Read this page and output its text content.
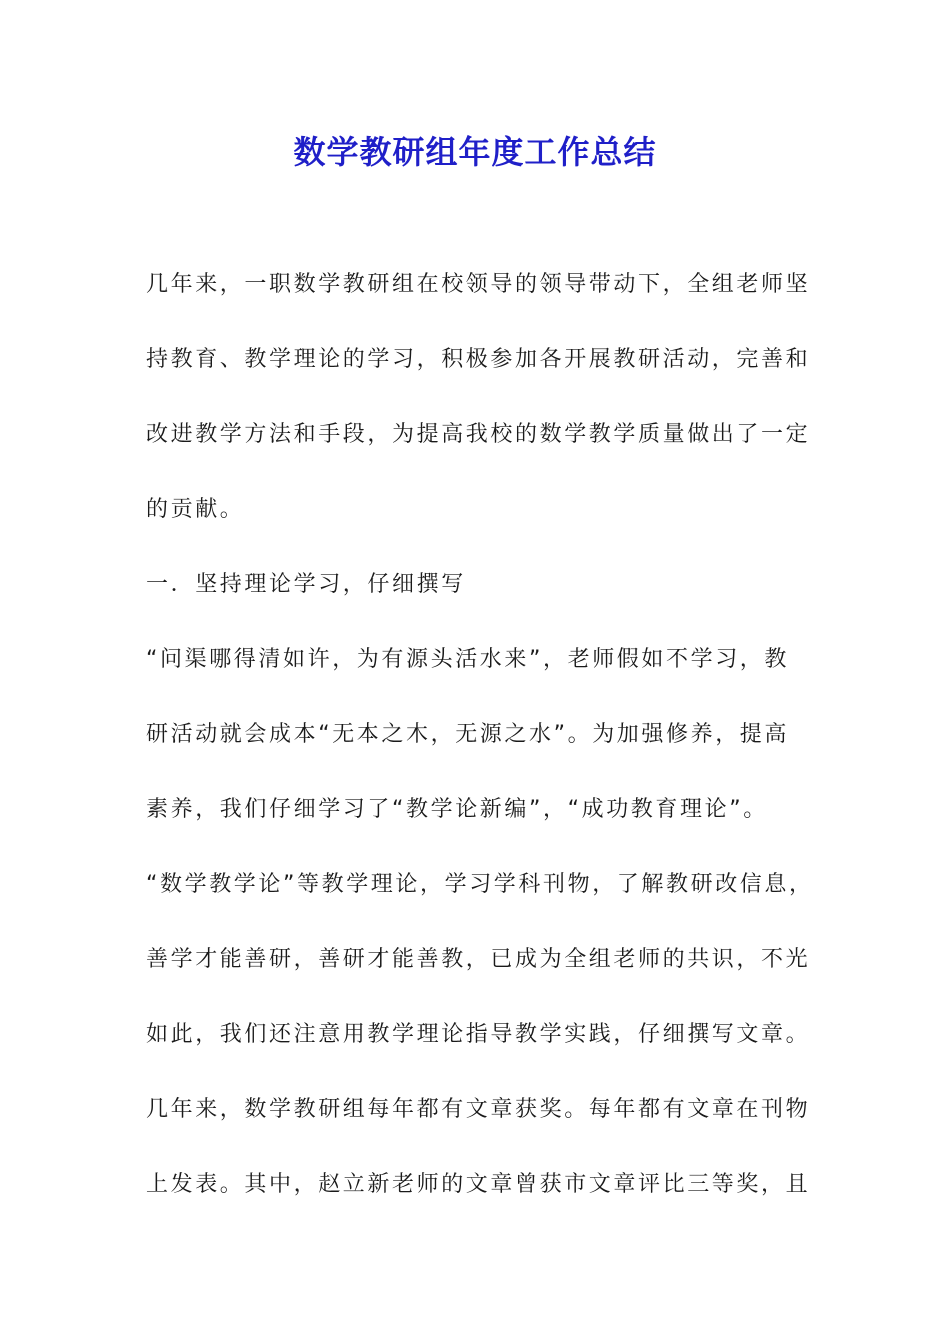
数学教研组年度工作总结
几年来，一职数学教研组在校领导的领导带动下，全组老师坚
持教育、教学理论的学习，积极参加各开展教研活动，完善和
改进教学方法和手段，为提高我校的数学教学质量做出了一定
的贡献。
一．坚持理论学习，仔细撰写
“问渠哪得清如许，为有源头活水来”，老师假如不学习，教
研活动就会成本“无本之木，无源之水”。为加强修养，提高
素养，我们仔细学习了“教学论新编”，“成功教育理论”。
“数学教学论”等教学理论，学习学科刊物，了解教研改信息，
善学才能善研，善研才能善教，已成为全组老师的共识，不光
如此，我们还注意用教学理论指导教学实践，仔细撰写文章。
几年来，数学教研组每年都有文章获奖。每年都有文章在刊物
上发表。其中，赵立新老师的文章曾获市文章评比三等奖，且
